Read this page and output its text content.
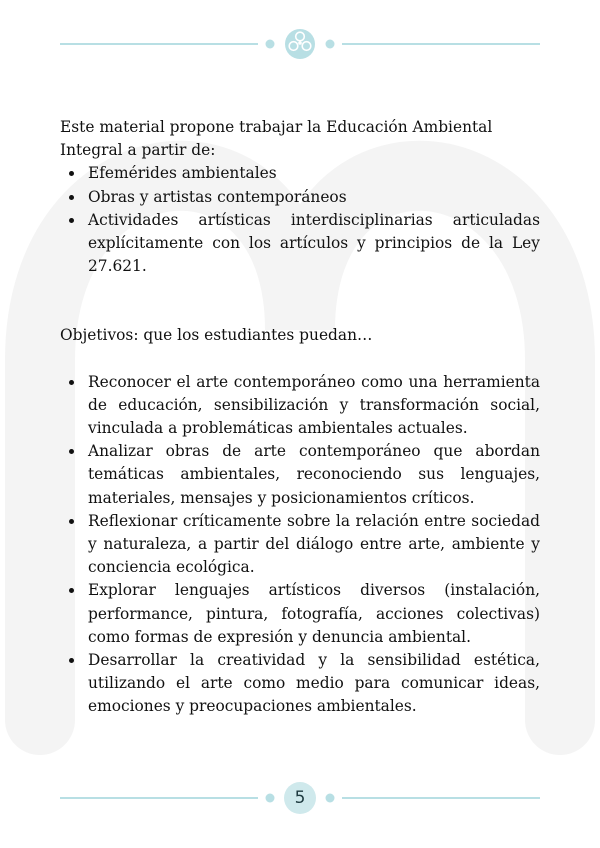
Este material propone trabajar la Educación Ambiental Integral a partir de:

Efemérides ambientales
Obras y artistas contemporáneos
Actividades artísticas interdisciplinarias articuladas explícitamente con los artículos y principios de la Ley 27.621.

Objetivos: que los estudiantes puedan…

Reconocer el arte contemporáneo como una herramienta de educación, sensibilización y transformación social, vinculada a problemáticas ambientales actuales.
Analizar obras de arte contemporáneo que abordan temáticas ambientales, reconociendo sus lenguajes, materiales, mensajes y posicionamientos críticos.
Reflexionar críticamente sobre la relación entre sociedad y naturaleza, a partir del diálogo entre arte, ambiente y conciencia ecológica.
Explorar lenguajes artísticos diversos (instalación, performance, pintura, fotografía, acciones colectivas) como formas de expresión y denuncia ambiental.
Desarrollar la creatividad y la sensibilidad estética, utilizando el arte como medio para comunicar ideas, emociones y preocupaciones ambientales.
5
